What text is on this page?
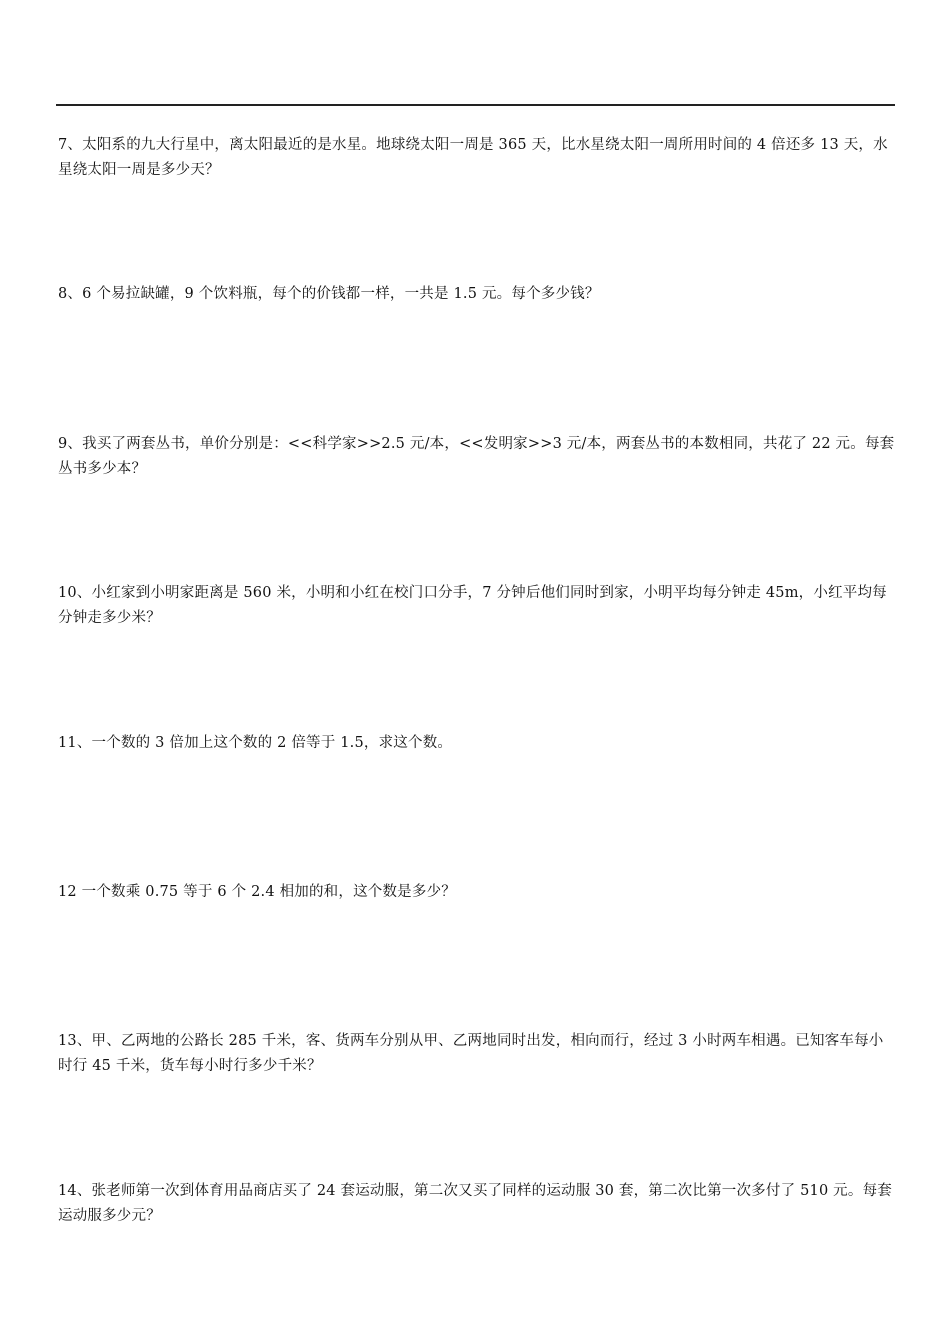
7、太阳系的九大行星中，离太阳最近的是水星。地球绕太阳一周是 365 天，比水星绕太阳一周所用时间的 4 倍还多 13 天，水星绕太阳一周是多少天？
8、6 个易拉缺罐，9 个饮料瓶，每个的价钱都一样，一共是 1.5 元。每个多少钱？
9、我买了两套丛书，单价分别是：<<科学家>>2.5 元/本，<<发明家>>3 元/本，两套丛书的本数相同，共花了 22 元。每套丛书多少本？
10、小红家到小明家距离是 560 米，小明和小红在校门口分手，7 分钟后他们同时到家，小明平均每分钟走 45m，小红平均每分钟走多少米？
11、一个数的 3 倍加上这个数的 2 倍等于 1.5，求这个数。
12 一个数乘 0.75 等于 6 个 2.4 相加的和，这个数是多少？
13、甲、乙两地的公路长 285 千米，客、货两车分别从甲、乙两地同时出发，相向而行，经过 3 小时两车相遇。已知客车每小时行 45 千米，货车每小时行多少千米？
14、张老师第一次到体育用品商店买了 24 套运动服，第二次又买了同样的运动服 30 套，第二次比第一次多付了 510 元。每套运动服多少元？
